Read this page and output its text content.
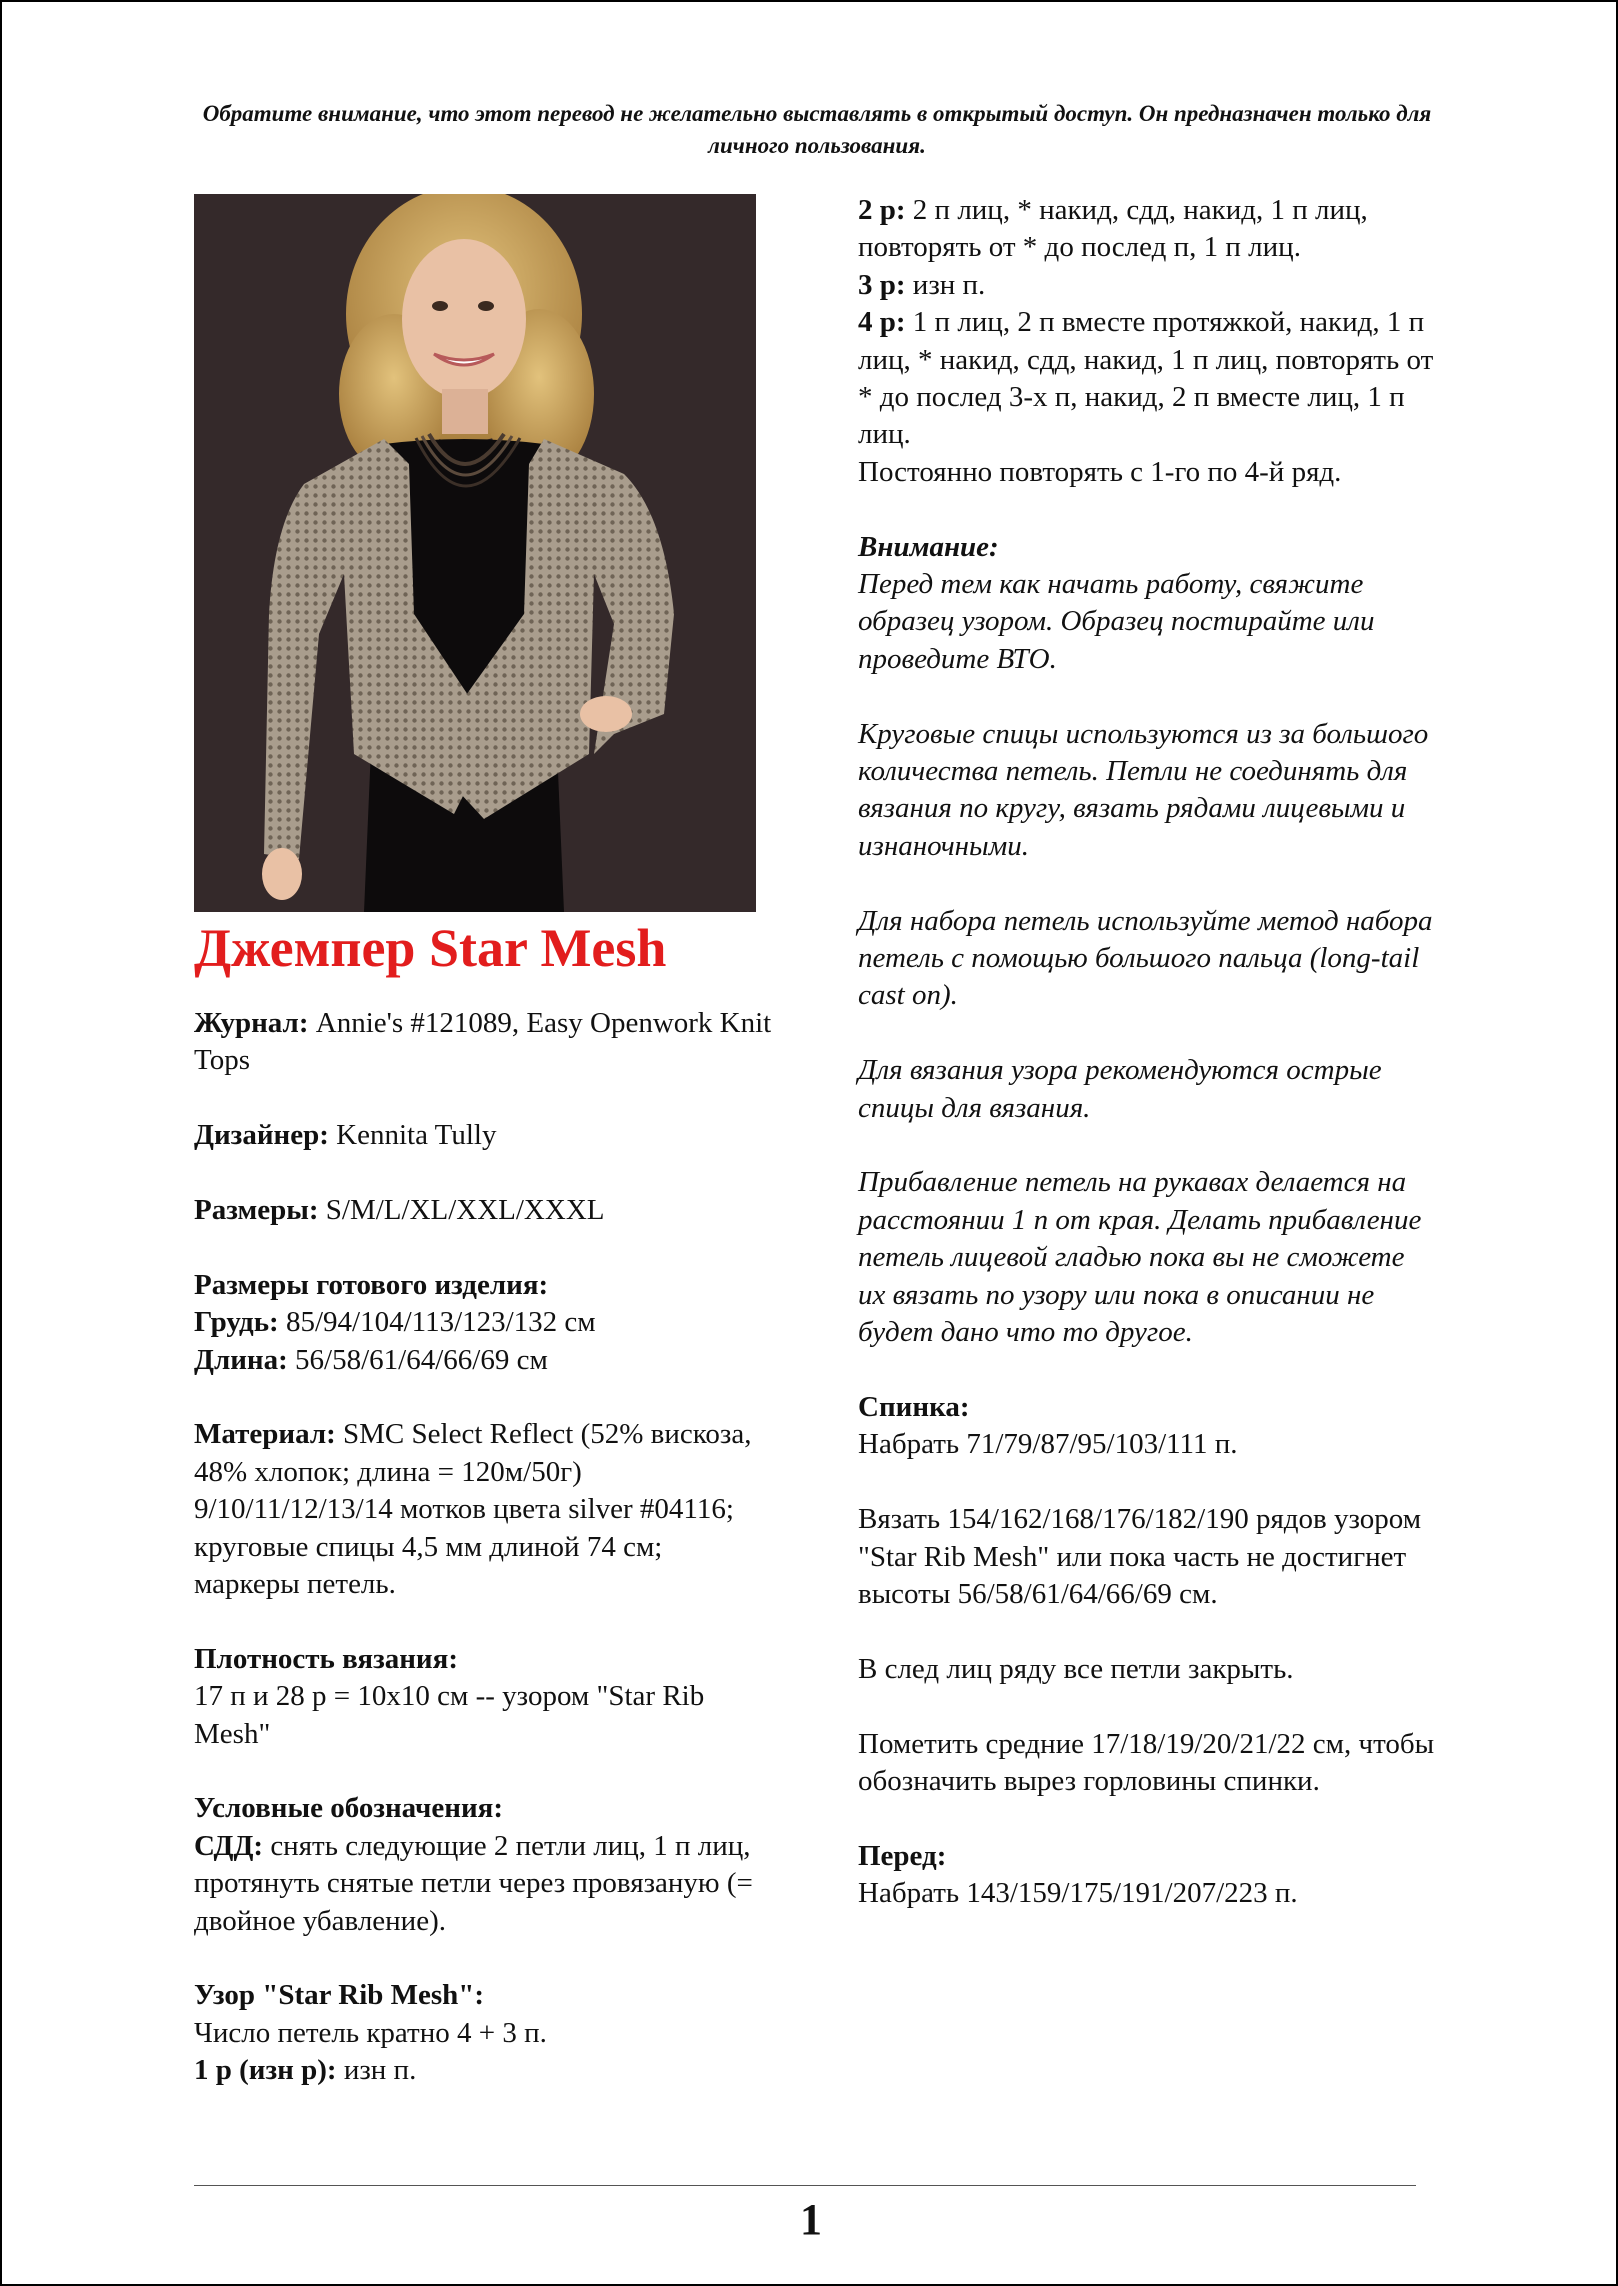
Обратите внимание, что этот перевод не желательно выставлять в открытый доступ. Он предназначен только для личного пользования.
Джемпер Star Mesh

Журнал: Annie's #121089, Easy Openwork Knit Tops

Дизайнер: Kennita Tully

Размеры: S/M/L/XL/XXL/XXXL

Размеры готового изделия:
Грудь: 85/94/104/113/123/132 см
Длина: 56/58/61/64/66/69 см

Материал: SMC Select Reflect (52% вискоза, 48% хлопок; длина = 120м/50г) 9/10/11/12/13/14 мотков цвета silver #04116; круговые спицы 4,5 мм длиной 74 см; маркеры петель.

Плотность вязания:
17 п и 28 р = 10x10 см -- узором "Star Rib Mesh"

Условные обозначения:
СДД: снять следующие 2 петли лиц, 1 п лиц, протянуть снятые петли через провязаную (= двойное убавление).

Узор "Star Rib Mesh":
Число петель кратно 4 + 3 п.
1 р (изн р): изн п.

2 р: 2 п лиц, * накид, сдд, накид, 1 п лиц, повторять от * до послед п, 1 п лиц.
3 р: изн п.
4 р: 1 п лиц, 2 п вместе протяжкой, накид, 1 п лиц, * накид, сдд, накид, 1 п лиц, повторять от * до послед 3-х п, накид, 2 п вместе лиц, 1 п лиц.
Постоянно повторять с 1-го по 4-й ряд.

Внимание:

Перед тем как начать работу, свяжите образец узором. Образец постирайте или проведите ВТО.

Круговые спицы используются из за большого количества петель. Петли не соединять для вязания по кругу, вязать рядами лицевыми и изнаночными.

Для набора петель используйте метод набора петель с помощью большого пальца (long-tail cast on).

Для вязания узора рекомендуются острые спицы для вязания.

Прибавление петель на рукавах делается на расстоянии 1 п от края. Делать прибавление петель лицевой гладью пока вы не сможете их вязать по узору или пока в описании не будет дано что то другое.

Спинка:

Набрать 71/79/87/95/103/111 п.

Вязать 154/162/168/176/182/190 рядов узором "Star Rib Mesh" или пока часть не достигнет высоты 56/58/61/64/66/69 см.

В след лиц ряду все петли закрыть.

Пометить средние 17/18/19/20/21/22 см, чтобы обозначить вырез горловины спинки.

Перед:

Набрать 143/159/175/191/207/223 п.

1
